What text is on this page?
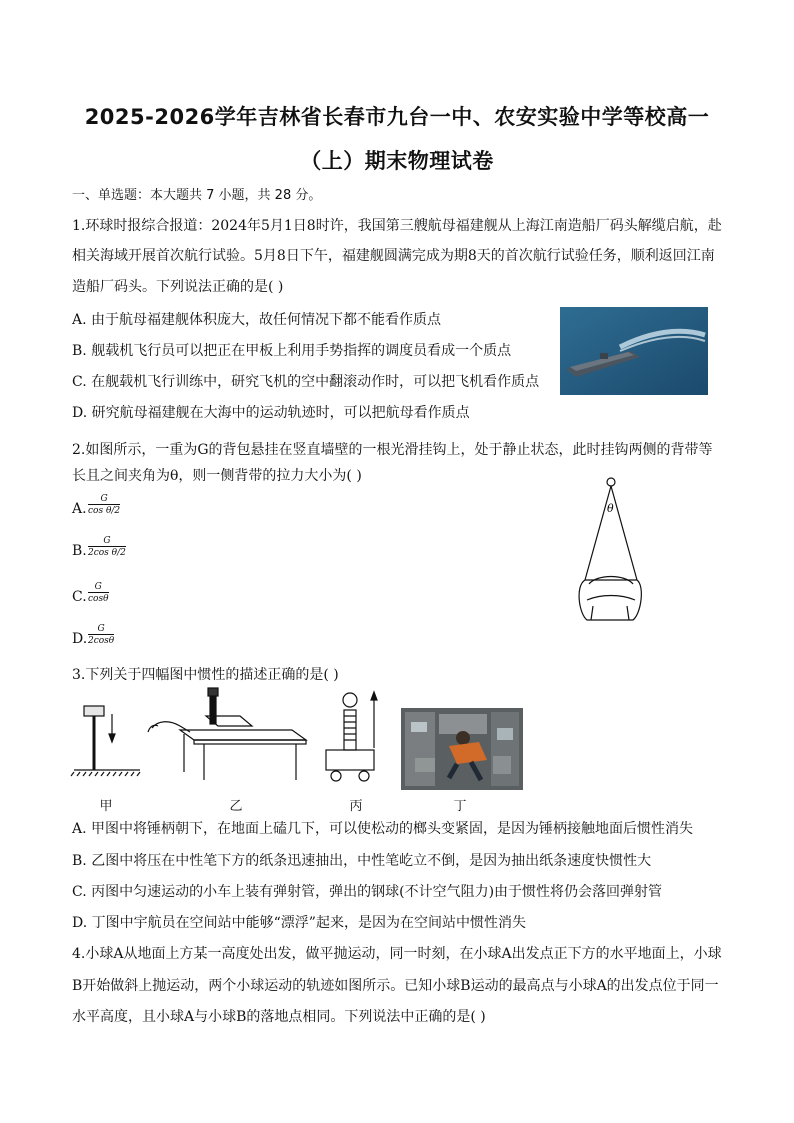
2025-2026学年吉林省长春市九台一中、农安实验中学等校高一
（上）期末物理试卷
一、单选题：本大题共 7 小题，共 28 分。
1.环球时报综合报道：2024年5月1日8时许，我国第三艘航母福建舰从上海江南造船厂码头解缆启航，赴
相关海域开展首次航行试验。5月8日下午，福建舰圆满完成为期8天的首次航行试验任务，顺利返回江南
造船厂码头。下列说法正确的是( )
A. 由于航母福建舰体积庞大，故任何情况下都不能看作质点
B. 舰载机飞行员可以把正在甲板上利用手势指挥的调度员看成一个质点
C. 在舰载机飞行训练中，研究飞机的空中翻滚动作时，可以把飞机看作质点
D. 研究航母福建舰在大海中的运动轨迹时，可以把航母看作质点
2.如图所示，一重为G的背包悬挂在竖直墙壁的一根光滑挂钩上，处于静止状态，此时挂钩两侧的背带等
长且之间夹角为θ，则一侧背带的拉力大小为( )
A. $\frac{G}{\text{cos θ/2}}$
B. $\frac{G}{\text{2cos θ/2}}$
C. $\frac{G}{\cos\theta}$
D. $\frac{G}{2\cos\theta}$
θ
3.下列关于四幅图中惯性的描述正确的是( )
甲	乙	丙	丁
A. 甲图中将锤柄朝下，在地面上磕几下，可以使松动的榔头变紧固，是因为锤柄接触地面后惯性消失
B. 乙图中将压在中性笔下方的纸条迅速抽出，中性笔屹立不倒，是因为抽出纸条速度快惯性大
C. 丙图中匀速运动的小车上装有弹射管，弹出的钢球(不计空气阻力)由于惯性将仍会落回弹射管
D. 丁图中宇航员在空间站中能够“漂浮”起来，是因为在空间站中惯性消失
4.小球A从地面上方某一高度处出发，做平抛运动，同一时刻，在小球A出发点正下方的水平地面上，小球
B开始做斜上抛运动，两个小球运动的轨迹如图所示。已知小球B运动的最高点与小球A的出发点位于同一
水平高度，且小球A与小球B的落地点相同。下列说法中正确的是( )
